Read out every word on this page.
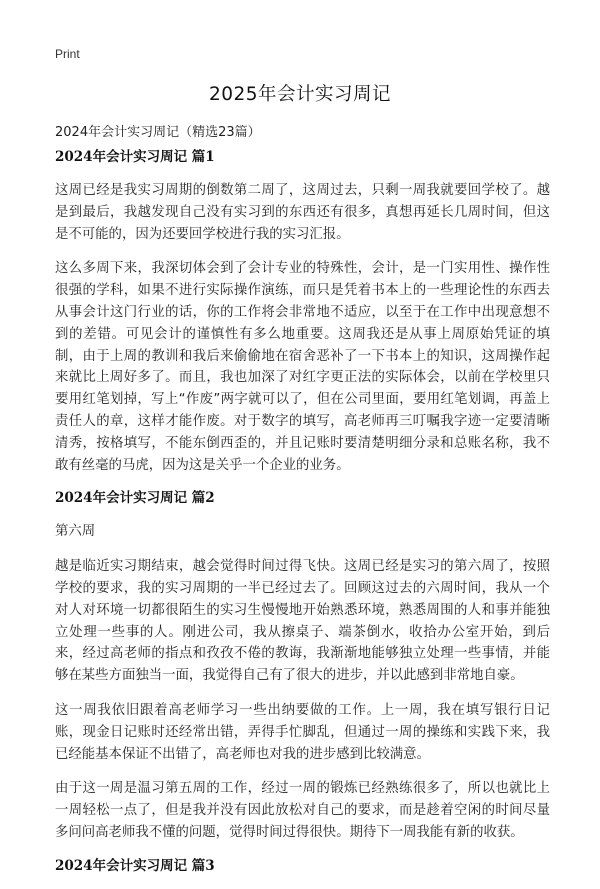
Print
2025年会计实习周记
2024年会计实习周记（精选23篇）
2024年会计实习周记 篇1

这周已经是我实习周期的倒数第二周了，这周过去，只剩一周我就要回学校了。越是到最后，我越发现自己没有实习到的东西还有很多，真想再延长几周时间，但这是不可能的，因为还要回学校进行我的实习汇报。

这么多周下来，我深切体会到了会计专业的特殊性，会计，是一门实用性、操作性很强的学科，如果不进行实际操作演练，而只是凭着书本上的一些理论性的东西去从事会计这门行业的话，你的工作将会非常地不适应，以至于在工作中出现意想不到的差错。可见会计的谨慎性有多么地重要。这周我还是从事上周原始凭证的填制，由于上周的教训和我后来偷偷地在宿舍恶补了一下书本上的知识，这周操作起来就比上周好多了。而且，我也加深了对红字更正法的实际体会，以前在学校里只要用红笔划掉，写上“作废”两字就可以了，但在公司里面，要用红笔划调，再盖上责任人的章，这样才能作废。对于数字的填写，高老师再三叮嘱我字迹一定要清晰清秀，按格填写，不能东倒西歪的，并且记账时要清楚明细分录和总账名称，我不敢有丝毫的马虎，因为这是关乎一个企业的业务。

2024年会计实习周记 篇2

第六周

越是临近实习期结束，越会觉得时间过得飞快。这周已经是实习的第六周了，按照学校的要求，我的实习周期的一半已经过去了。回顾这过去的六周时间，我从一个对人对环境一切都很陌生的实习生慢慢地开始熟悉环境，熟悉周围的人和事并能独立处理一些事的人。刚进公司，我从擦桌子、端茶倒水，收拾办公室开始，到后来，经过高老师的指点和孜孜不倦的教诲，我渐渐地能够独立处理一些事情，并能够在某些方面独当一面，我觉得自己有了很大的进步，并以此感到非常地自豪。

这一周我依旧跟着高老师学习一些出纳要做的工作。上一周，我在填写银行日记账，现金日记账时还经常出错，弄得手忙脚乱，但通过一周的操练和实践下来，我已经能基本保证不出错了，高老师也对我的进步感到比较满意。

由于这一周是温习第五周的工作，经过一周的锻炼已经熟练很多了，所以也就比上一周轻松一点了，但是我并没有因此放松对自己的要求，而是趁着空闲的时间尽量多问问高老师我不懂的问题，觉得时间过得很快。期待下一周我能有新的收获。

2024年会计实习周记 篇3
